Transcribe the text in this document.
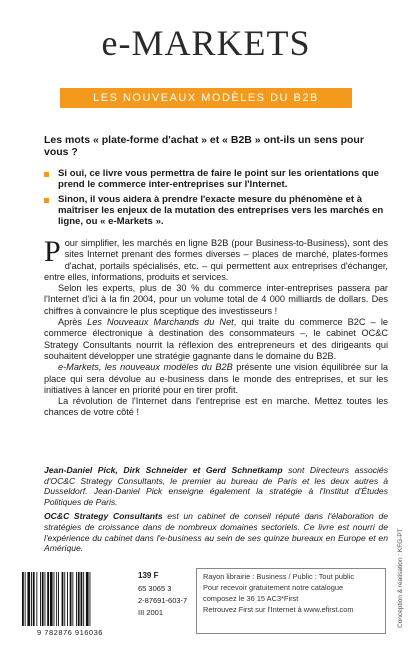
e-MARKETS
LES NOUVEAUX MODÈLES DU B2B
Les mots « plate-forme d'achat » et « B2B » ont-ils un sens pour vous ?
Si oui, ce livre vous permettra de faire le point sur les orientations que prend le commerce inter-entreprises sur l'Internet.
Sinon, il vous aidera à prendre l'exacte mesure du phénomène et à maîtriser les enjeux de la mutation des entreprises vers les marchés en ligne, ou « e-Markets ».

Pour simplifier, les marchés en ligne B2B (pour Business-to-Business), sont des sites Internet prenant des formes diverses – places de marché, plates-formes d'achat, portails spécialisés, etc. – qui permettent aux entreprises d'échanger, entre elles, informations, produits et services.

Selon les experts, plus de 30 % du commerce inter-entreprises passera par l'Internet d'ici à la fin 2004, pour un volume total de 4 000 milliards de dollars. Des chiffres à convaincre le plus sceptique des investisseurs !

Après Les Nouveaux Marchands du Net, qui traite du commerce B2C – le commerce électronique à destination des consommateurs –, le cabinet OC&C Strategy Consultants nourrit la réflexion des entrepreneurs et des dirigeants qui souhaitent développer une stratégie gagnante dans le domaine du B2B.

e-Markets, les nouveaux modèles du B2B présente une vision équilibrée sur la place qui sera dévolue au e-business dans le monde des entreprises, et sur les initiatives à lancer en priorité pour en tirer profit.

La révolution de l'Internet dans l'entreprise est en marche. Mettez toutes les chances de votre côté !

Jean-Daniel Pick, Dirk Schneider et Gerd Schnetkamp sont Directeurs associés d'OC&C Strategy Consultants, le premier au bureau de Paris et les deux autres à Dusseldorf. Jean-Daniel Pick enseigne également la stratégie à l'Institut d'Études Politiques de Paris.

OC&C Strategy Consultants est un cabinet de conseil réputé dans l'élaboration de stratégies de croissance dans de nombreux domaines sectoriels. Ce livre est nourri de l'expérience du cabinet dans l'e-business au sein de ses quinze bureaux en Europe et en Amérique.	Conception & réalisation : KFG-PT
9 782876 916036
139 F
65 3065 3
2-87691-603-7
III 2001
Rayon librairie : Business / Public : Tout public
Pour recevoir gratuitement notre catalogue
composez le 36 15 AC3*First
Retrouvez First sur l'Internet à www.efirst.com
